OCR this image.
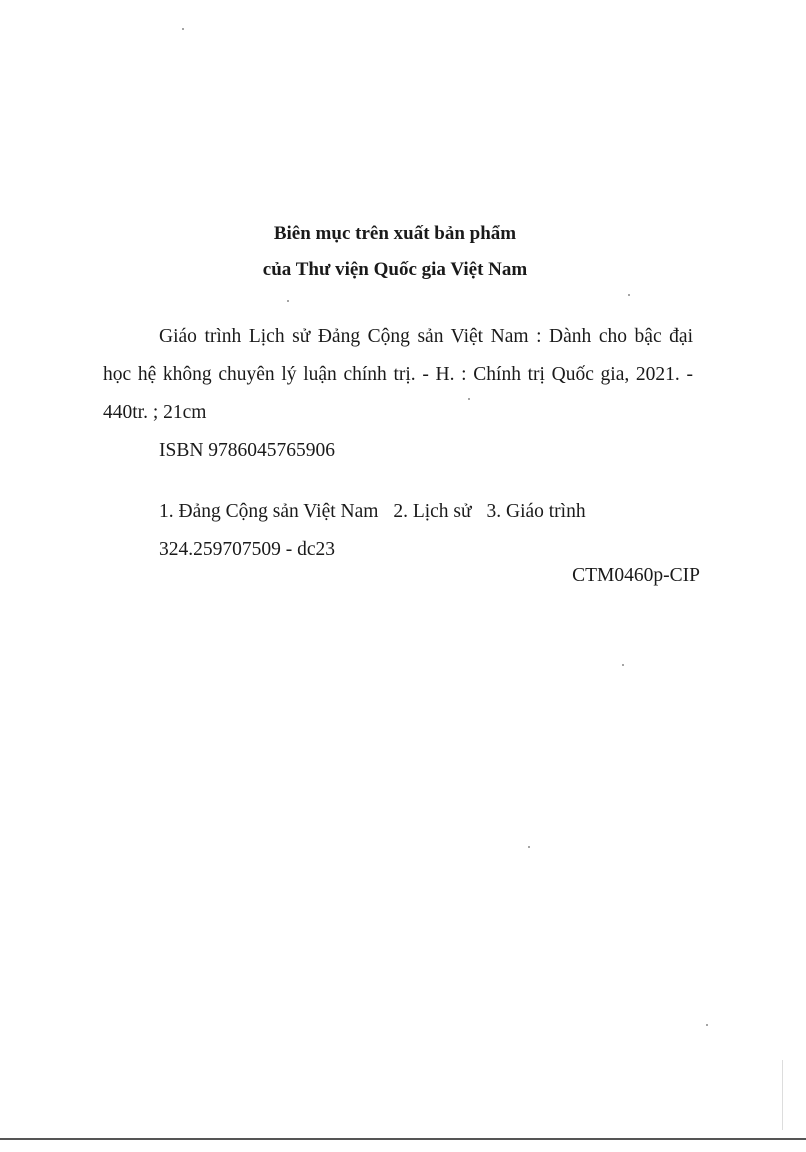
Biên mục trên xuất bản phẩm
của Thư viện Quốc gia Việt Nam
Giáo trình Lịch sử Đảng Cộng sản Việt Nam : Dành cho bậc đại
học hệ không chuyên lý luận chính trị. - H. : Chính trị Quốc gia, 2021. -
440tr. ; 21cm
ISBN 9786045765906
1. Đảng Cộng sản Việt Nam 2. Lịch sử 3. Giáo trình
324.259707509 - dc23
CTM0460p-CIP
